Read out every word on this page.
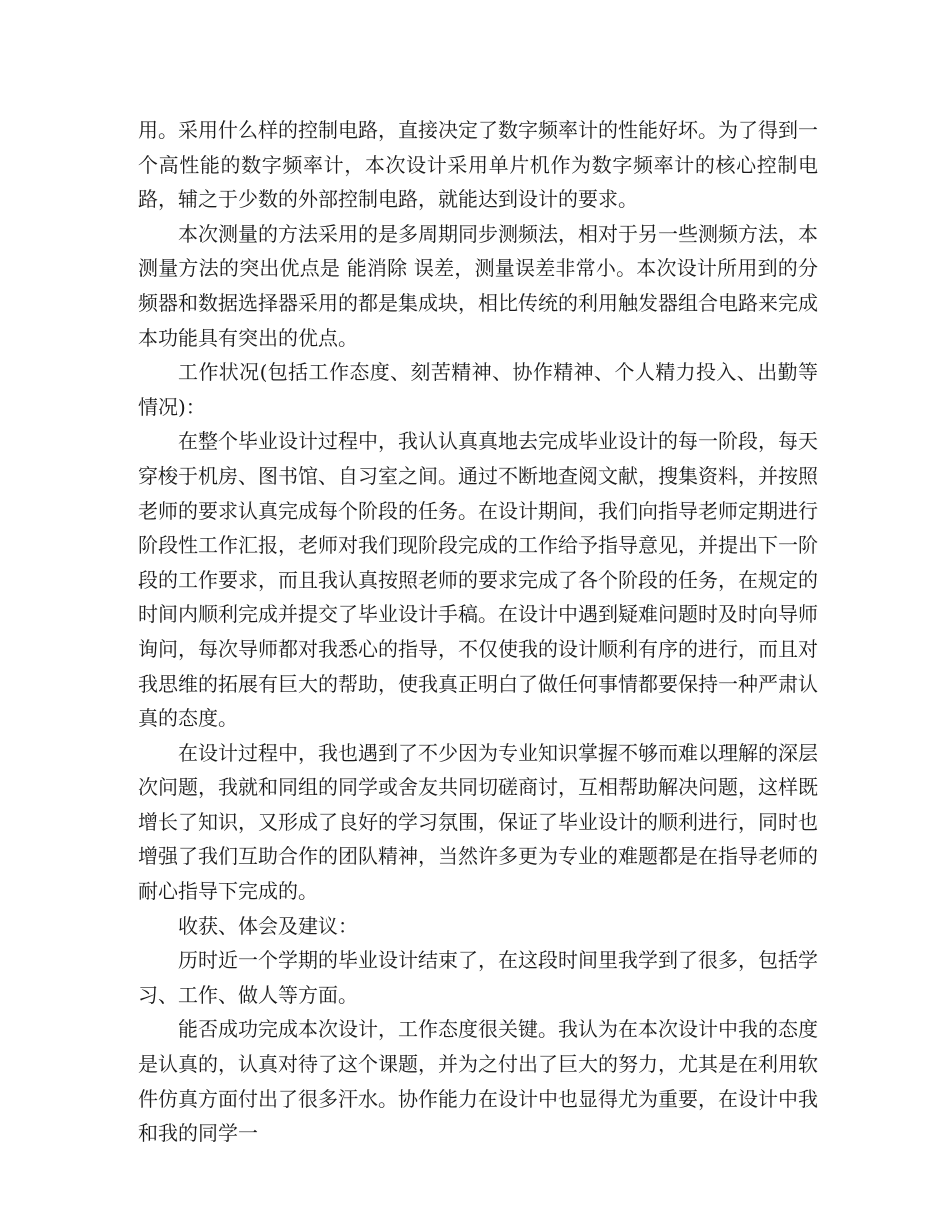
用。采用什么样的控制电路，直接决定了数字频率计的性能好坏。为了得到一个高性能的数字频率计，本次设计采用单片机作为数字频率计的核心控制电路，辅之于少数的外部控制电路，就能达到设计的要求。

本次测量的方法采用的是多周期同步测频法，相对于另一些测频方法，本测量方法的突出优点是 能消除 误差，测量误差非常小。本次设计所用到的分频器和数据选择器采用的都是集成块，相比传统的利用触发器组合电路来完成本功能具有突出的优点。

工作状况(包括工作态度、刻苦精神、协作精神、个人精力投入、出勤等情况)：

在整个毕业设计过程中，我认认真真地去完成毕业设计的每一阶段，每天穿梭于机房、图书馆、自习室之间。通过不断地查阅文献，搜集资料，并按照老师的要求认真完成每个阶段的任务。在设计期间，我们向指导老师定期进行阶段性工作汇报，老师对我们现阶段完成的工作给予指导意见，并提出下一阶段的工作要求，而且我认真按照老师的要求完成了各个阶段的任务，在规定的时间内顺利完成并提交了毕业设计手稿。在设计中遇到疑难问题时及时向导师询问，每次导师都对我悉心的指导，不仅使我的设计顺利有序的进行，而且对我思维的拓展有巨大的帮助，使我真正明白了做任何事情都要保持一种严肃认真的态度。

在设计过程中，我也遇到了不少因为专业知识掌握不够而难以理解的深层次问题，我就和同组的同学或舍友共同切磋商讨，互相帮助解决问题，这样既增长了知识，又形成了良好的学习氛围，保证了毕业设计的顺利进行，同时也增强了我们互助合作的团队精神，当然许多更为专业的难题都是在指导老师的耐心指导下完成的。

收获、体会及建议：

历时近一个学期的毕业设计结束了，在这段时间里我学到了很多，包括学习、工作、做人等方面。

能否成功完成本次设计，工作态度很关键。我认为在本次设计中我的态度是认真的，认真对待了这个课题，并为之付出了巨大的努力，尤其是在利用软件仿真方面付出了很多汗水。协作能力在设计中也显得尤为重要，在设计中我和我的同学一
